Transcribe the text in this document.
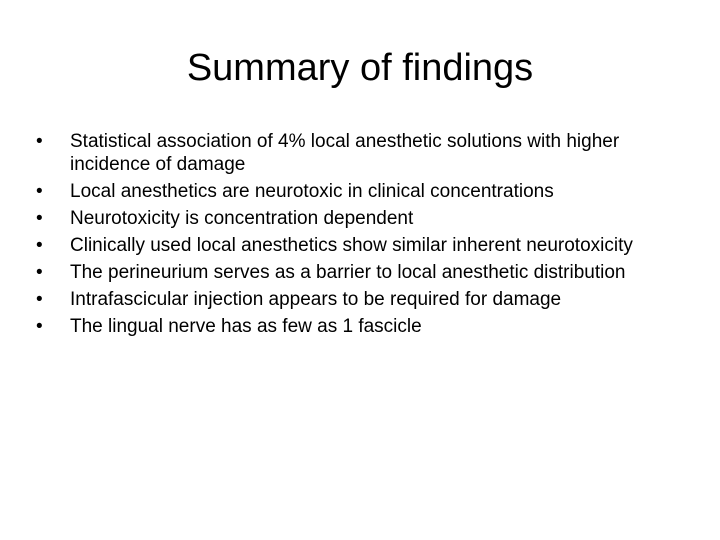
Summary of findings
•	Statistical association of 4% local anesthetic solutions with higher incidence of damage
•	Local anesthetics are neurotoxic in clinical concentrations
•	Neurotoxicity is concentration dependent
•	Clinically used local anesthetics show similar inherent neurotoxicity
•	The perineurium serves as a barrier to local anesthetic distribution
•	Intrafascicular injection appears to be required for damage
•	The lingual nerve has as few as 1 fascicle
